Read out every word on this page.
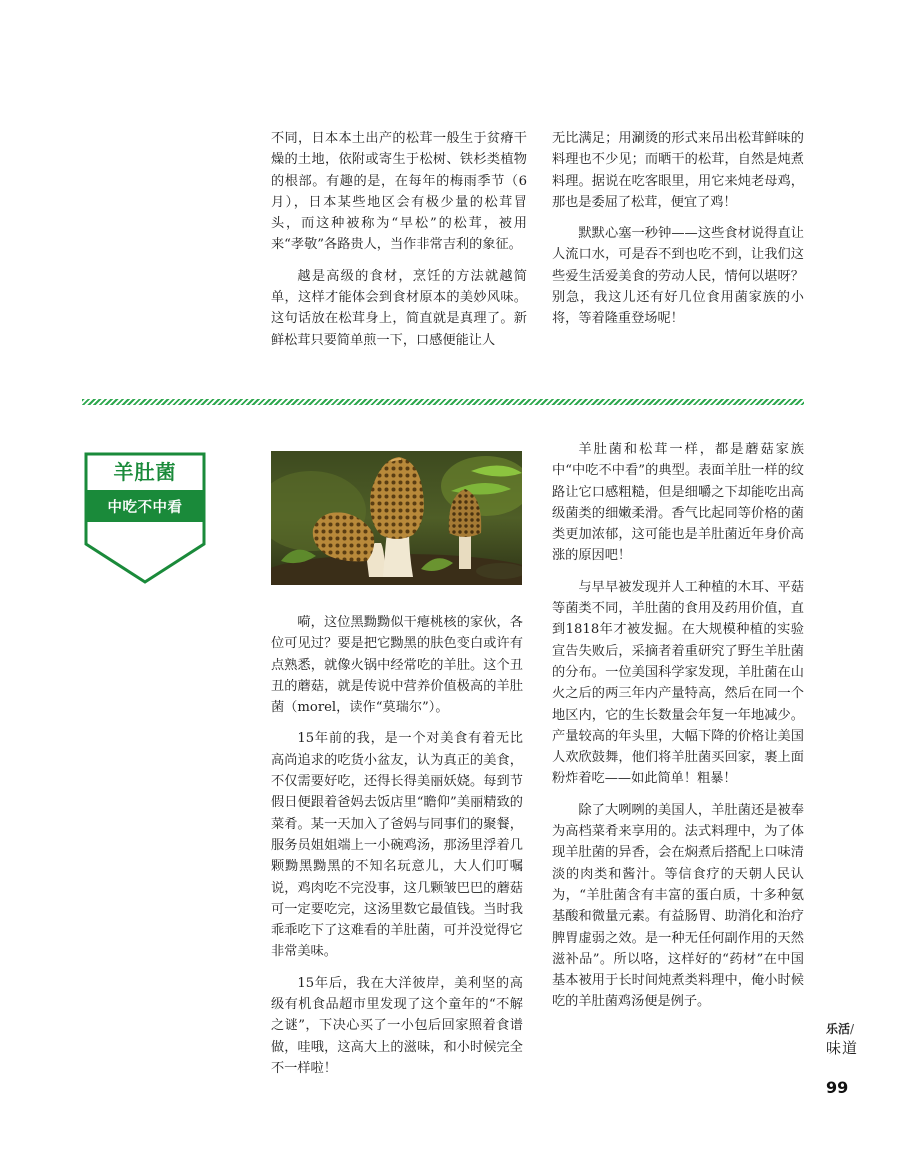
不同，日本本土出产的松茸一般生于贫瘠干燥的土地，依附或寄生于松树、铁杉类植物的根部。有趣的是，在每年的梅雨季节（6月），日本某些地区会有极少量的松茸冒头，而这种被称为“早松”的松茸，被用来“孝敬”各路贵人，当作非常吉利的象征。

越是高级的食材，烹饪的方法就越简单，这样才能体会到食材原本的美妙风味。这句话放在松茸身上，简直就是真理了。新鲜松茸只要简单煎一下，口感便能让人

无比满足；用涮烫的形式来吊出松茸鲜味的料理也不少见；而晒干的松茸，自然是炖煮料理。据说在吃客眼里，用它来炖老母鸡，那也是委屈了松茸，便宜了鸡！

默默心塞一秒钟——这些食材说得直让人流口水，可是吞不到也吃不到，让我们这些爱生活爱美食的劳动人民，情何以堪呀？别急，我这儿还有好几位食用菌家族的小将，等着隆重登场呢！

羊肚菌
中吃不中看

嗬，这位黑黝黝似干瘪桃核的家伙，各位可见过？要是把它黝黑的肤色变白或许有点熟悉，就像火锅中经常吃的羊肚。这个丑丑的蘑菇，就是传说中营养价值极高的羊肚菌（morel，读作“莫瑞尔”）。

15年前的我，是一个对美食有着无比高尚追求的吃货小盆友，认为真正的美食，不仅需要好吃，还得长得美丽妖娆。每到节假日便跟着爸妈去饭店里“瞻仰”美丽精致的菜肴。某一天加入了爸妈与同事们的聚餐，服务员姐姐端上一小碗鸡汤，那汤里浮着几颗黝黑黝黑的不知名玩意儿，大人们叮嘱说，鸡肉吃不完没事，这几颗皱巴巴的蘑菇可一定要吃完，这汤里数它最值钱。当时我乖乖吃下了这难看的羊肚菌，可并没觉得它非常美味。

15年后，我在大洋彼岸，美利坚的高级有机食品超市里发现了这个童年的“不解之谜”，下决心买了一小包后回家照着食谱做，哇哦，这高大上的滋味，和小时候完全不一样啦！

羊肚菌和松茸一样，都是蘑菇家族中“中吃不中看”的典型。表面羊肚一样的纹路让它口感粗糙，但是细嚼之下却能吃出高级菌类的细嫩柔滑。香气比起同等价格的菌类更加浓郁，这可能也是羊肚菌近年身价高涨的原因吧！

与早早被发现并人工种植的木耳、平菇等菌类不同，羊肚菌的食用及药用价值，直到1818年才被发掘。在大规模种植的实验宣告失败后，采摘者着重研究了野生羊肚菌的分布。一位美国科学家发现，羊肚菌在山火之后的两三年内产量特高，然后在同一个地区内，它的生长数量会年复一年地减少。产量较高的年头里，大幅下降的价格让美国人欢欣鼓舞，他们将羊肚菌买回家，裹上面粉炸着吃——如此简单！粗暴！

除了大咧咧的美国人，羊肚菌还是被奉为高档菜肴来享用的。法式料理中，为了体现羊肚菌的异香，会在焖煮后搭配上口味清淡的肉类和酱汁。等信食疗的天朝人民认为，“羊肚菌含有丰富的蛋白质，十多种氨基酸和微量元素。有益肠胃、助消化和治疗脾胃虚弱之效。是一种无任何副作用的天然滋补品”。所以咯，这样好的“药材”在中国基本被用于长时间炖煮类料理中，俺小时候吃的羊肚菌鸡汤便是例子。

乐活/味道
99
